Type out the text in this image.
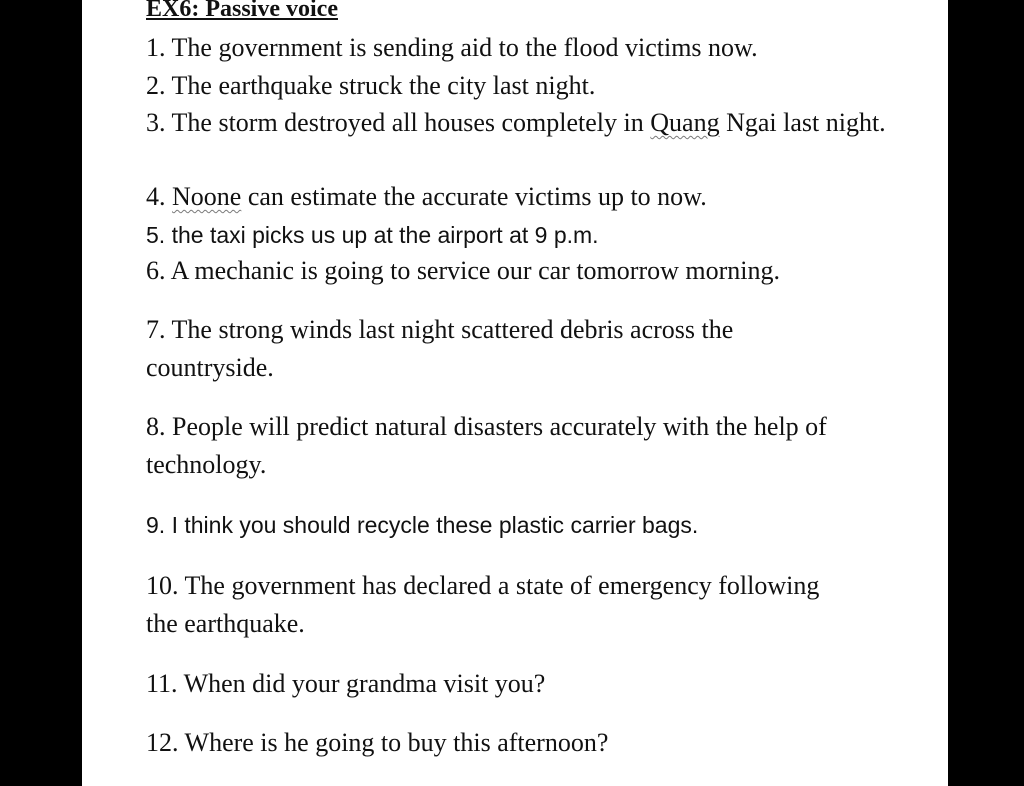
EX6: Passive voice
1. The government is sending aid to the flood victims now.
2. The earthquake struck the city last night.
3. The storm destroyed all houses completely in Quang Ngai last night.
4. Noone can estimate the accurate victims up to now.
5. the taxi picks us up at the airport at 9 p.m.
6. A mechanic is going to service our car tomorrow morning.
7. The strong winds last night scattered debris across the countryside.
8. People will predict natural disasters accurately with the help of technology.
9. I think you should recycle these plastic carrier bags.
10. The government has declared a state of emergency following the earthquake.
11. When did your grandma visit you?
12. Where is he going to buy this afternoon?
